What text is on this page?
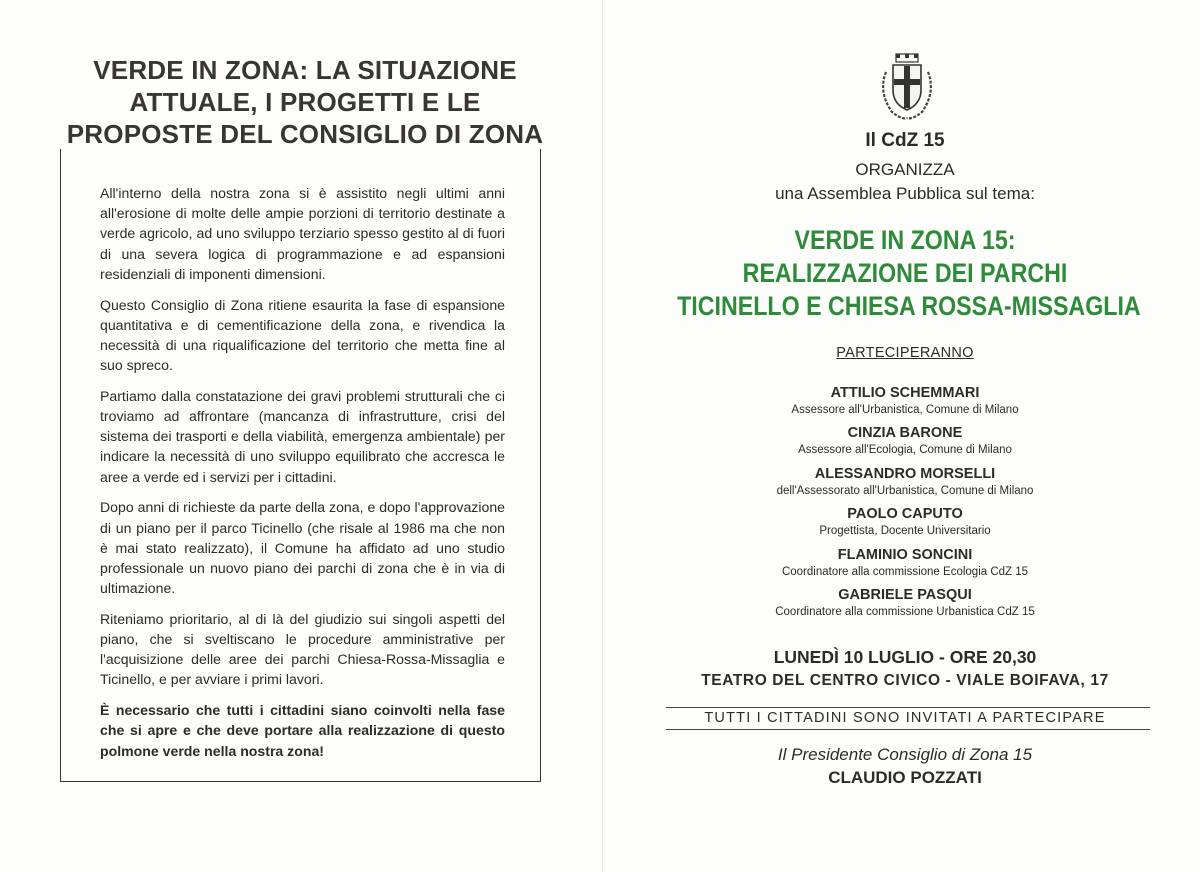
VERDE IN ZONA: LA SITUAZIONE
ATTUALE, I PROGETTI E LE
PROPOSTE DEL CONSIGLIO DI ZONA

All'interno della nostra zona si è assistito negli ultimi anni all'erosione di molte delle ampie porzioni di territorio destinate a verde agricolo, ad uno sviluppo terziario spesso gestito al di fuori di una severa logica di programmazione e ad espansioni residenziali di imponenti dimensioni.

Questo Consiglio di Zona ritiene esaurita la fase di espansione quantitativa e di cementificazione della zona, e rivendica la necessità di una riqualificazione del territorio che metta fine al suo spreco.

Partiamo dalla constatazione dei gravi problemi strutturali che ci troviamo ad affrontare (mancanza di infrastrutture, crisi del sistema dei trasporti e della viabilità, emergenza ambientale) per indicare la necessità di uno sviluppo equilibrato che accresca le aree a verde ed i servizi per i cittadini.

Dopo anni di richieste da parte della zona, e dopo l'approvazione di un piano per il parco Ticinello (che risale al 1986 ma che non è mai stato realizzato), il Comune ha affidato ad uno studio professionale un nuovo piano dei parchi di zona che è in via di ultimazione.

Riteniamo prioritario, al di là del giudizio sui singoli aspetti del piano, che si sveltiscano le procedure amministrative per l'acquisizione delle aree dei parchi Chiesa-Rossa-Missaglia e Ticinello, e per avviare i primi lavori.

È necessario che tutti i cittadini siano coinvolti nella fase che si apre e che deve portare alla realizzazione di questo polmone verde nella nostra zona!

Il CdZ 15
ORGANIZZA
una Assemblea Pubblica sul tema:
VERDE IN ZONA 15:
REALIZZAZIONE DEI PARCHI
TICINELLO E CHIESA ROSSA-MISSAGLIA
PARTECIPERANNO
ATTILIO SCHEMMARI
Assessore all'Urbanistica, Comune di Milano
CINZIA BARONE
Assessore all'Ecologia, Comune di Milano
ALESSANDRO MORSELLI
dell'Assessorato all'Urbanistica, Comune di Milano
PAOLO CAPUTO
Progettista, Docente Universitario
FLAMINIO SONCINI
Coordinatore alla commissione Ecologia CdZ 15
GABRIELE PASQUI
Coordinatore alla commissione Urbanistica CdZ 15
LUNEDÌ 10 LUGLIO - ORE 20,30
TEATRO DEL CENTRO CIVICO - VIALE BOIFAVA, 17
TUTTI I CITTADINI SONO INVITATI A PARTECIPARE
Il Presidente Consiglio di Zona 15
CLAUDIO POZZATI
